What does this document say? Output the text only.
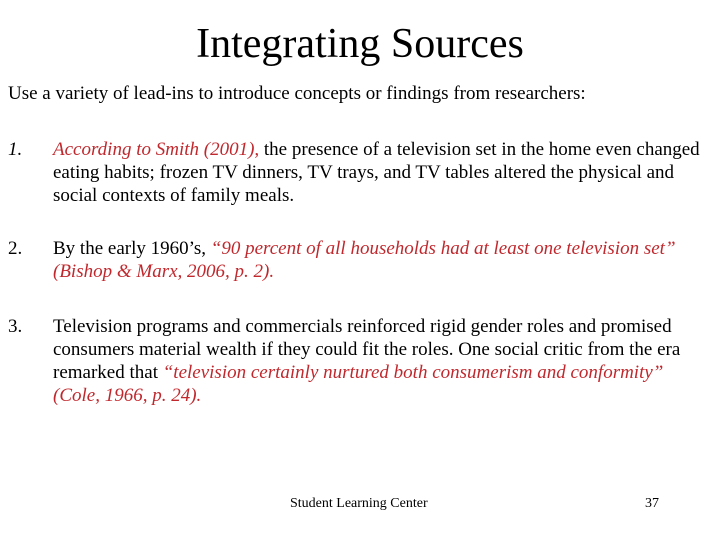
Integrating Sources
Use a variety of lead-ins to introduce concepts or findings from researchers:
1.	According to Smith (2001), the presence of a television set in the home even changed eating habits; frozen TV dinners, TV trays, and TV tables altered the physical and social contexts of family meals.
2.	By the early 1960’s, “90 percent of all households had at least one television set” (Bishop & Marx, 2006, p. 2).
3.	Television programs and commercials reinforced rigid gender roles and promised consumers material wealth if they could fit the roles. One social critic from the era remarked that “television certainly nurtured both consumerism and conformity” (Cole, 1966, p. 24).
Student Learning Center	37
